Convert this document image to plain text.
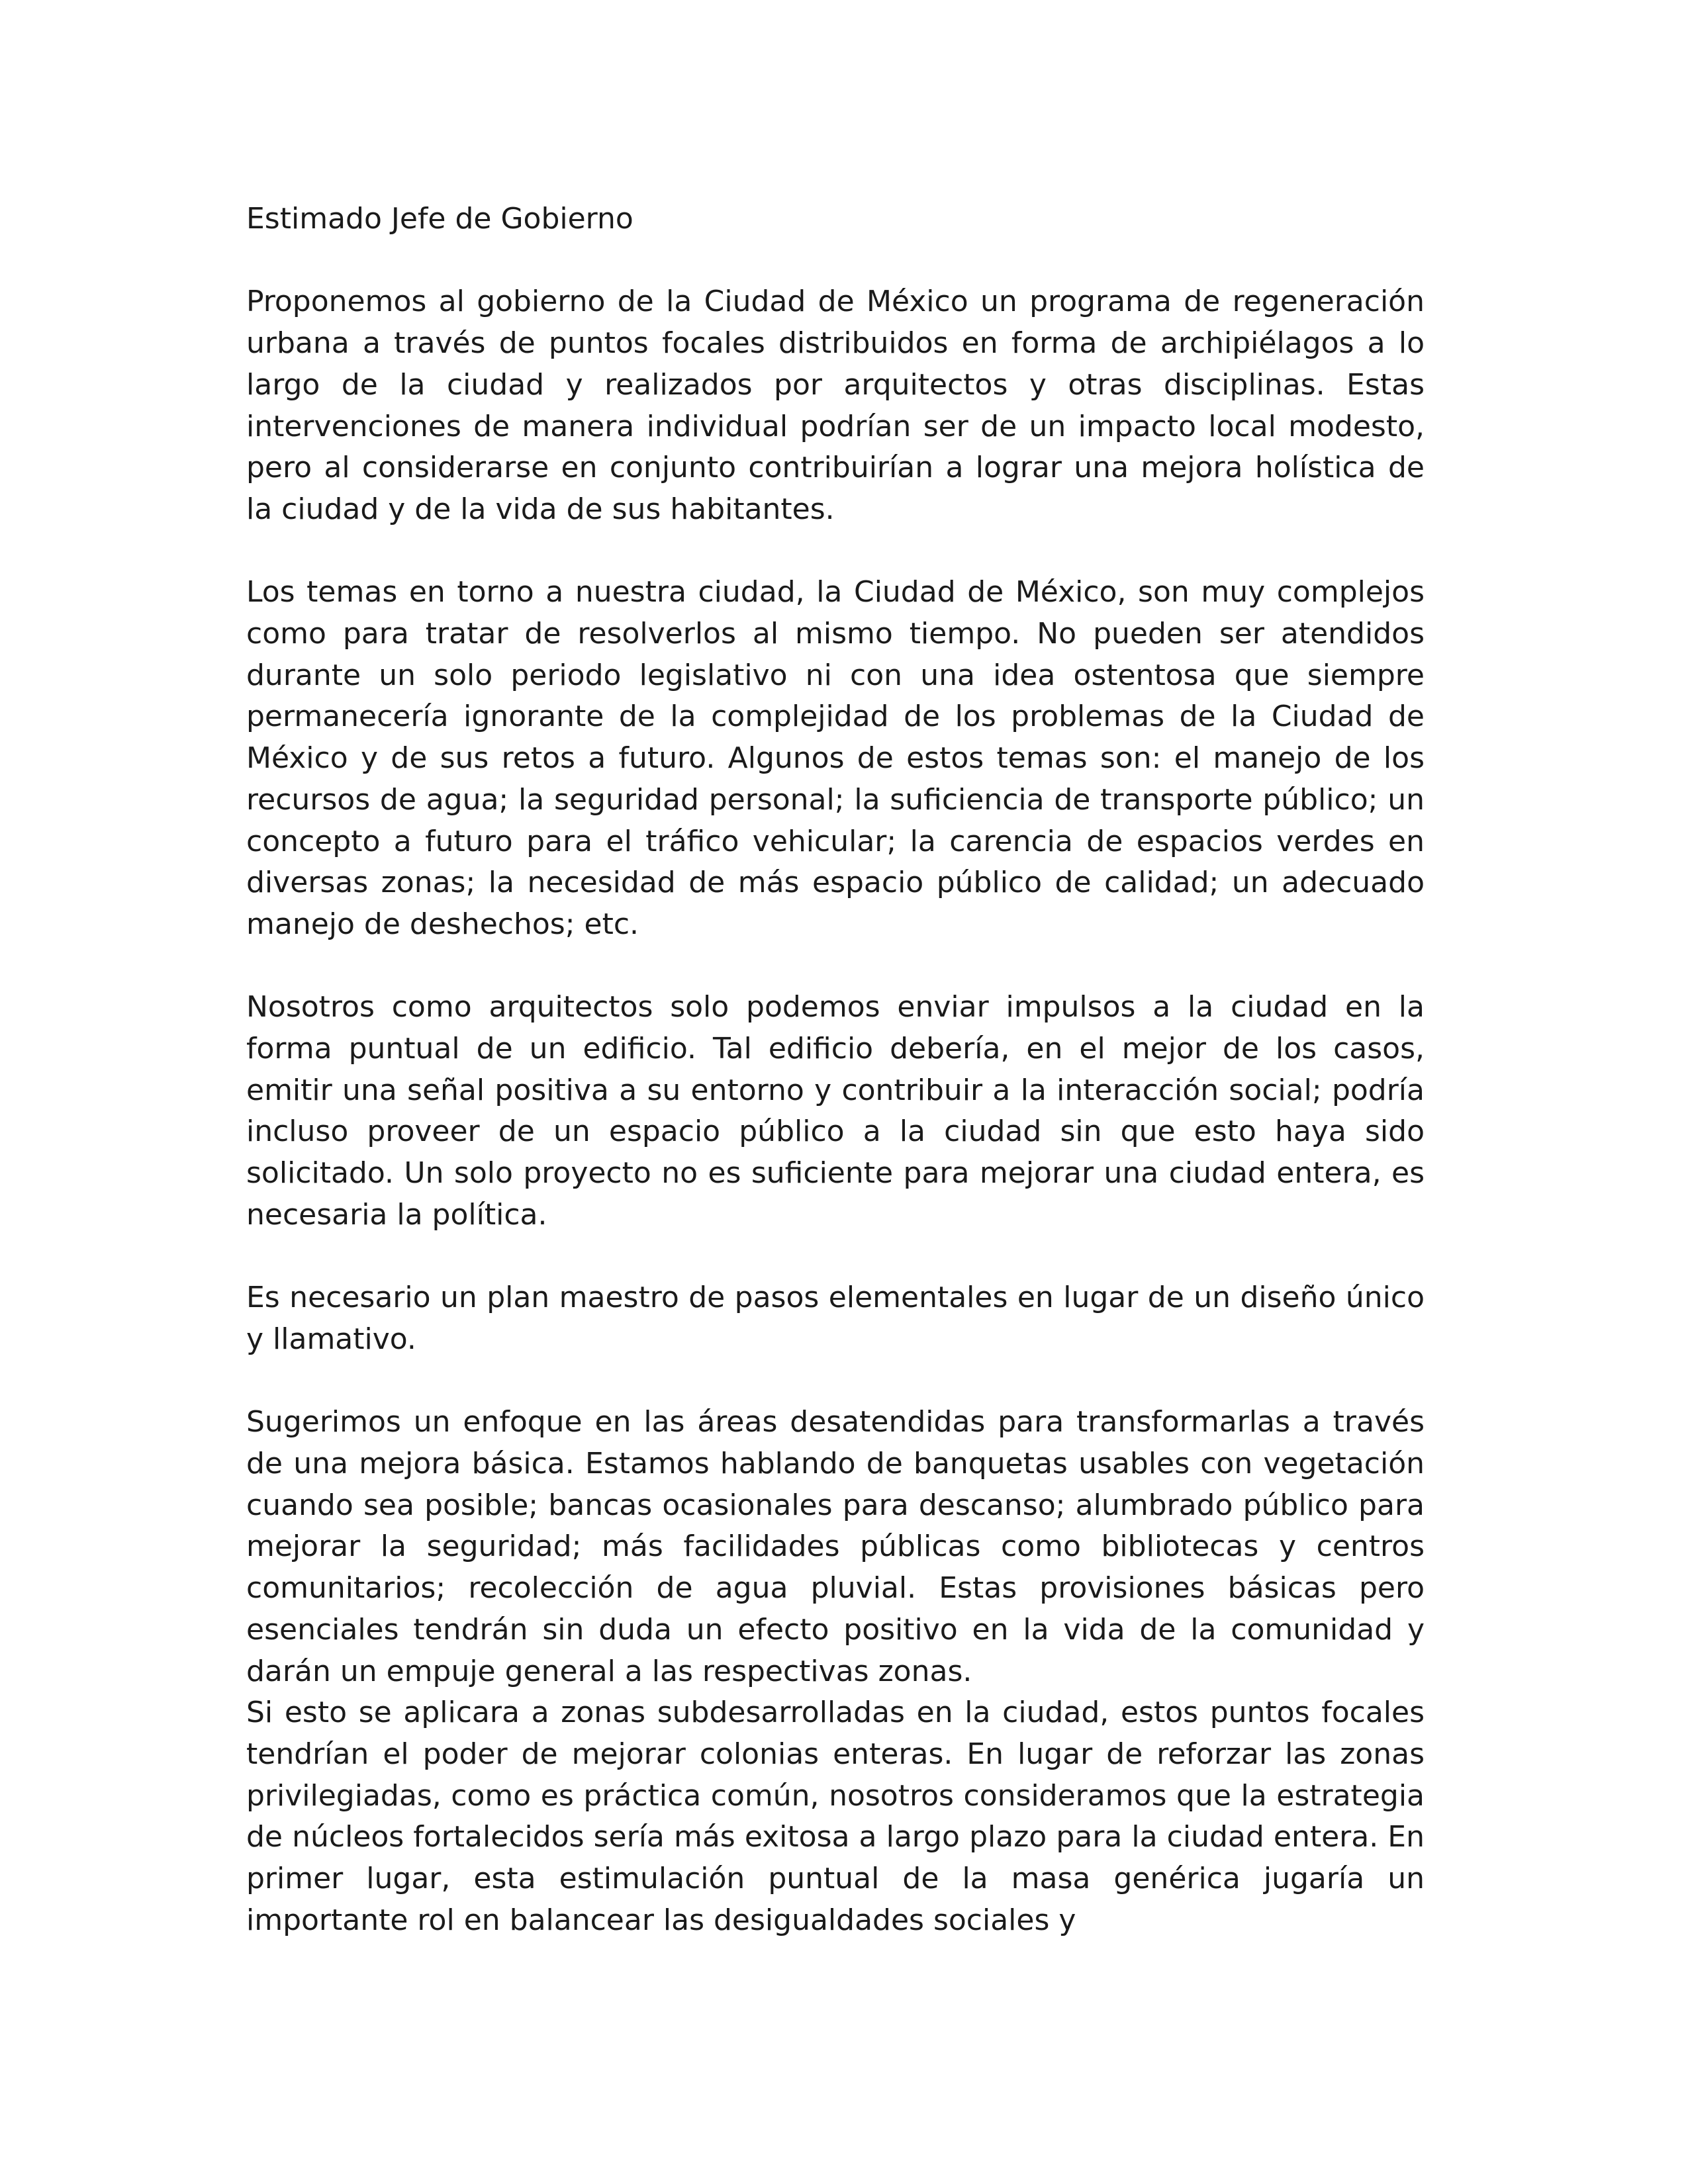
Estimado Jefe de Gobierno

Proponemos al gobierno de la Ciudad de México un programa de regeneración urbana a través de puntos focales distribuidos en forma de archipiélagos a lo largo de la ciudad y realizados por arquitectos y otras disciplinas. Estas intervenciones de manera individual podrían ser de un impacto local modesto, pero al considerarse en conjunto contribuirían a lograr una mejora holística de la ciudad y de la vida de sus habitantes.

Los temas en torno a nuestra ciudad, la Ciudad de México, son muy complejos como para tratar de resolverlos al mismo tiempo. No pueden ser atendidos durante un solo periodo legislativo ni con una idea ostentosa que siempre permanecería ignorante de la complejidad de los problemas de la Ciudad de México y de sus retos a futuro. Algunos de estos temas son: el manejo de los recursos de agua; la seguridad personal; la suficiencia de transporte público; un concepto a futuro para el tráfico vehicular; la carencia de espacios verdes en diversas zonas; la necesidad de más espacio público de calidad; un adecuado manejo de deshechos; etc.

Nosotros como arquitectos solo podemos enviar impulsos a la ciudad en la forma puntual de un edificio. Tal edificio debería, en el mejor de los casos, emitir una señal positiva a su entorno y contribuir a la interacción social; podría incluso proveer de un espacio público a la ciudad sin que esto haya sido solicitado. Un solo proyecto no es suficiente para mejorar una ciudad entera, es necesaria la política.

Es necesario un plan maestro de pasos elementales en lugar de un diseño único y llamativo.

Sugerimos un enfoque en las áreas desatendidas para transformarlas a través de una mejora básica. Estamos hablando de banquetas usables con vegetación cuando sea posible; bancas ocasionales para descanso; alumbrado público para mejorar la seguridad; más facilidades públicas como bibliotecas y centros comunitarios; recolección de agua pluvial. Estas provisiones básicas pero esenciales tendrán sin duda un efecto positivo en la vida de la comunidad y darán un empuje general a las respectivas zonas.

Si esto se aplicara a zonas subdesarrolladas en la ciudad, estos puntos focales tendrían el poder de mejorar colonias enteras. En lugar de reforzar las zonas privilegiadas, como es práctica común, nosotros consideramos que la estrategia de núcleos fortalecidos sería más exitosa a largo plazo para la ciudad entera. En primer lugar, esta estimulación puntual de la masa genérica jugaría un importante rol en balancear las desigualdades sociales y
